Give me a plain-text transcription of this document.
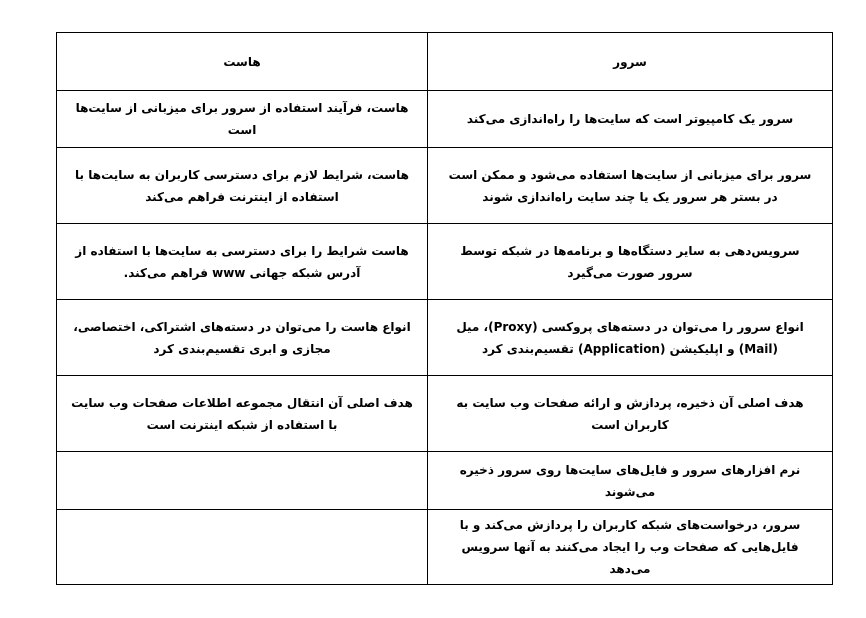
سرور	هاست
سرور یک کامپیوتر است که سایت‌ها را راه‌اندازی می‌کند	هاست، فرآیند استفاده از سرور برای میزبانی از سایت‌ها است
سرور برای میزبانی از سایت‌ها استفاده می‌شود و ممکن است در بستر هر سرور یک یا چند سایت راه‌اندازی شوند	هاست، شرایط لازم برای دسترسی کاربران به سایت‌ها با استفاده از اینترنت فراهم می‌کند
سرویس‌دهی به سایر دستگاه‌ها و برنامه‌ها در شبکه توسط سرور صورت می‌گیرد	هاست شرایط را برای دسترسی به سایت‌ها با استفاده از آدرس شبکه جهانی www فراهم می‌کند.
انواع سرور را می‌توان در دسته‌های پروکسی (Proxy)، میل (Mail) و اپلیکیشن (Application) تقسیم‌بندی کرد	انواع هاست را می‌توان در دسته‌های اشتراکی، اختصاصی، مجازی و ابری تقسیم‌بندی کرد
هدف اصلی آن ذخیره، پردازش و ارائه صفحات وب سایت به کاربران است	هدف اصلی آن انتقال مجموعه اطلاعات صفحات وب سایت با استفاده از شبکه اینترنت است
نرم افزارهای سرور و فایل‌های سایت‌ها روی سرور ذخیره می‌شوند	
سرور، درخواست‌های شبکه کاربران را پردازش می‌کند و با فایل‌هایی که صفحات وب را ایجاد می‌کنند به آنها سرویس می‌دهد	
